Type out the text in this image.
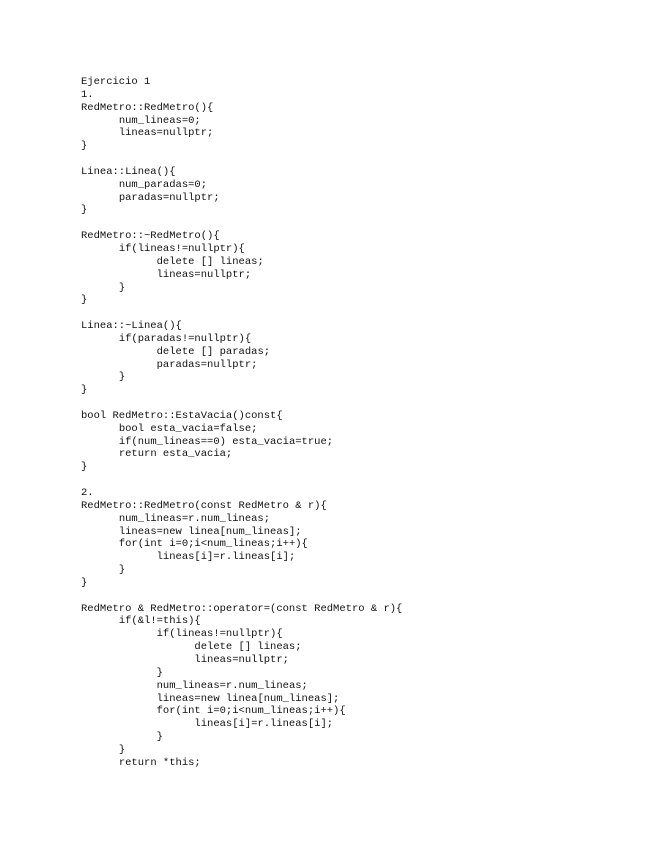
Ejercicio 1
1.
RedMetro::RedMetro(){
	num_lineas=0;
	lineas=nullptr;
}

Linea::Linea(){
	num_paradas=0;
	paradas=nullptr;
}

RedMetro::~RedMetro(){
	if(lineas!=nullptr){
		delete [] lineas;
		lineas=nullptr;
	}
}

Linea::~Linea(){
	if(paradas!=nullptr){
		delete [] paradas;
		paradas=nullptr;
	}
}

bool RedMetro::EstaVacia()const{
	bool esta_vacia=false;
	if(num_lineas==0) esta_vacia=true;
	return esta_vacia;
}

2.
RedMetro::RedMetro(const RedMetro & r){
	num_lineas=r.num_lineas;
	lineas=new linea[num_lineas];
	for(int i=0;i<num_lineas;i++){
		lineas[i]=r.lineas[i];
	}
}

RedMetro & RedMetro::operator=(const RedMetro & r){
	if(&l!=this){
		if(lineas!=nullptr){
			delete [] lineas;
			lineas=nullptr;
		}
		num_lineas=r.num_lineas;
		lineas=new linea[num_lineas];
		for(int i=0;i<num_lineas;i++){
			lineas[i]=r.lineas[i];
		}
	}
	return *this;
